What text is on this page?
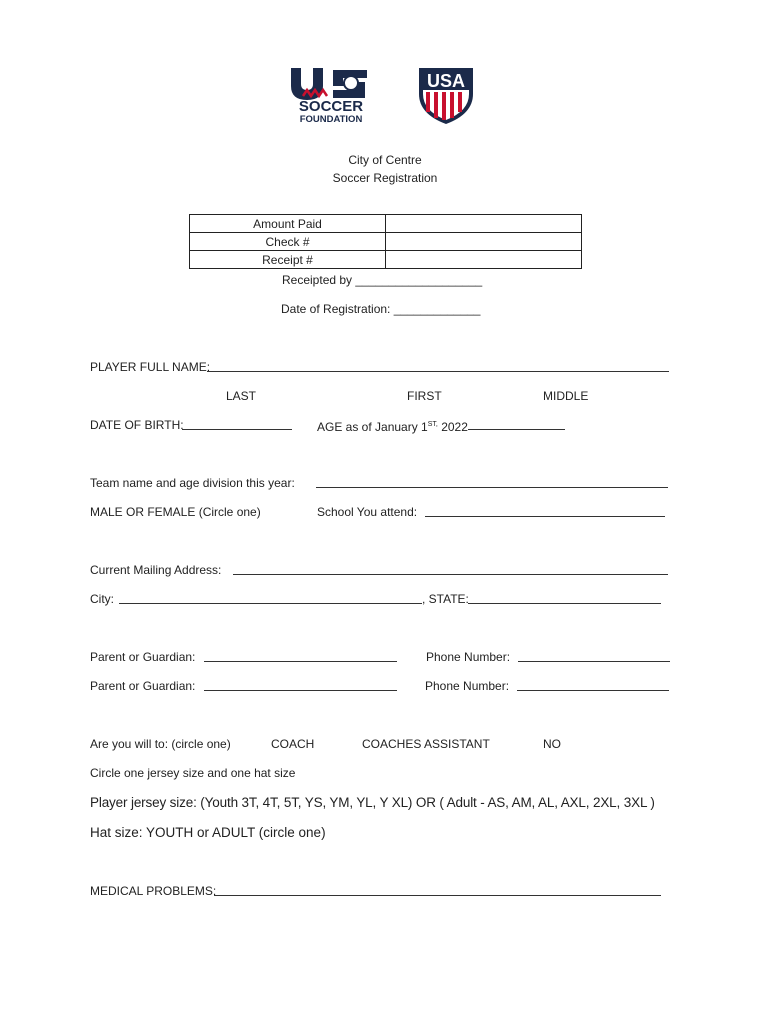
SOCCER
FOUNDATION
USA
City of Centre
Soccer Registration
Amount Paid	
Check #	
Receipt #	
Receipted by ___________________
Date of Registration: _____________
PLAYER FULL NAME:
LAST	FIRST	MIDDLE
DATE OF BIRTH:	AGE as of January $1^{ST,}$ 2022
Team name and age division this year:
MALE OR FEMALE (Circle one)	School You attend:
Current Mailing Address:
City:	, STATE:
Parent or Guardian:	Phone Number:
Parent or Guardian:	Phone Number:
Are you will to: (circle one)	COACH	COACHES ASSISTANT	NO
Circle one jersey size and one hat size
Player jersey size: (Youth 3T, 4T, 5T, YS, YM, YL, Y XL) OR ( Adult - AS, AM, AL, AXL, 2XL, 3XL )
Hat size: YOUTH or ADULT (circle one)
MEDICAL PROBLEMS:
